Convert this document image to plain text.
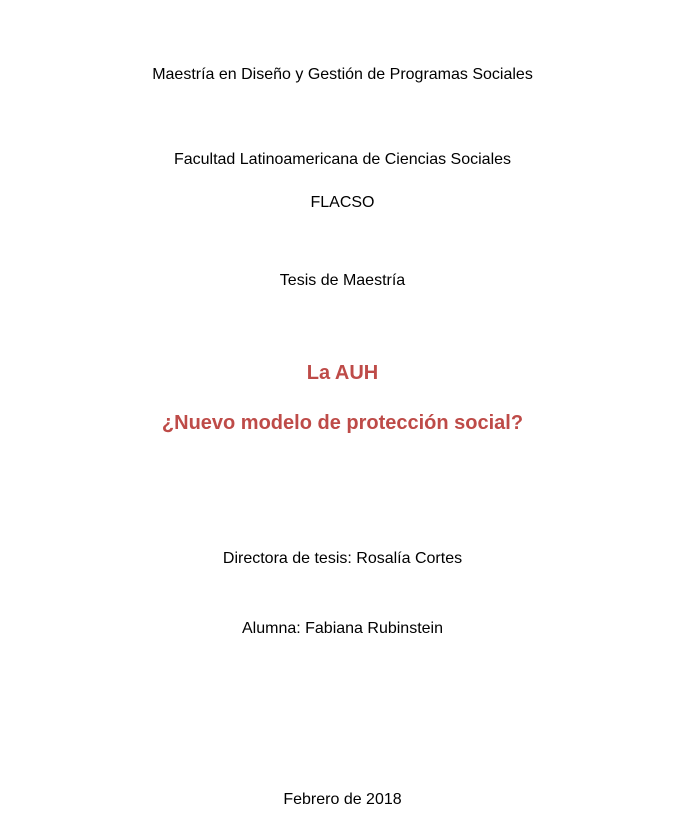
Maestría en Diseño y Gestión de Programas Sociales
Facultad Latinoamericana de Ciencias Sociales
FLACSO
Tesis de Maestría
La AUH
¿Nuevo modelo de protección social?
Directora de tesis: Rosalía Cortes
Alumna: Fabiana Rubinstein
Febrero de 2018
